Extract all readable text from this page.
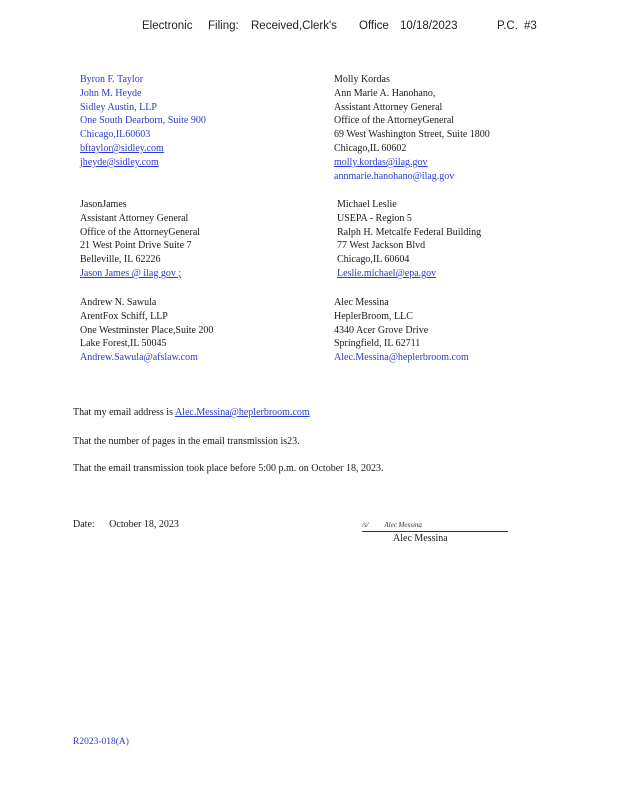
Electronic Filing: Received,Clerk's Office 10/18/2023	P.C. #3
Byron F. Taylor
John M. Heyde
Sidley Austin, LLP
One South Dearborn, Suite 900
Chicago,IL60603
bftaylor@sidley.com
jheyde@sidley.com
Molly Kordas
Ann Marie A. Hanohano,
Assistant Attorney General
Office of the AttorneyGeneral
69 West Washington Street, Suite 1800
Chicago,IL 60602
molly.kordas@ilag.gov
annmarie.hanohano@ilag.gov
JasonJames
Assistant Attorney General
Office of the AttorneyGeneral
21 West Point Drive Suite 7
Belleville, IL 62226
Jason James @ ilag gov ;
Michael Leslie
USEPA - Region 5
Ralph H. Metcalfe Federal Building
77 West Jackson Blvd
Chicago,IL 60604
Leslie.michael@epa.gov
Andrew N. Sawula
ArentFox Schiff, LLP
One Westminster Place,Suite 200
Lake Forest,IL 50045
Andrew.Sawula@afslaw.com
Alec Messina
HeplerBroom, LLC
4340 Acer Grove Drive
Springfield, IL 62711
Alec.Messina@heplerbroom.com
That my email address is Alec.Messina@heplerbroom.com
That the number of pages in the email transmission is23.
That the email transmission took place before 5:00 p.m. on October 18, 2023.
Date: October 18, 2023	/s/ Alec Messina
Alec Messina
R2023-018(A)
